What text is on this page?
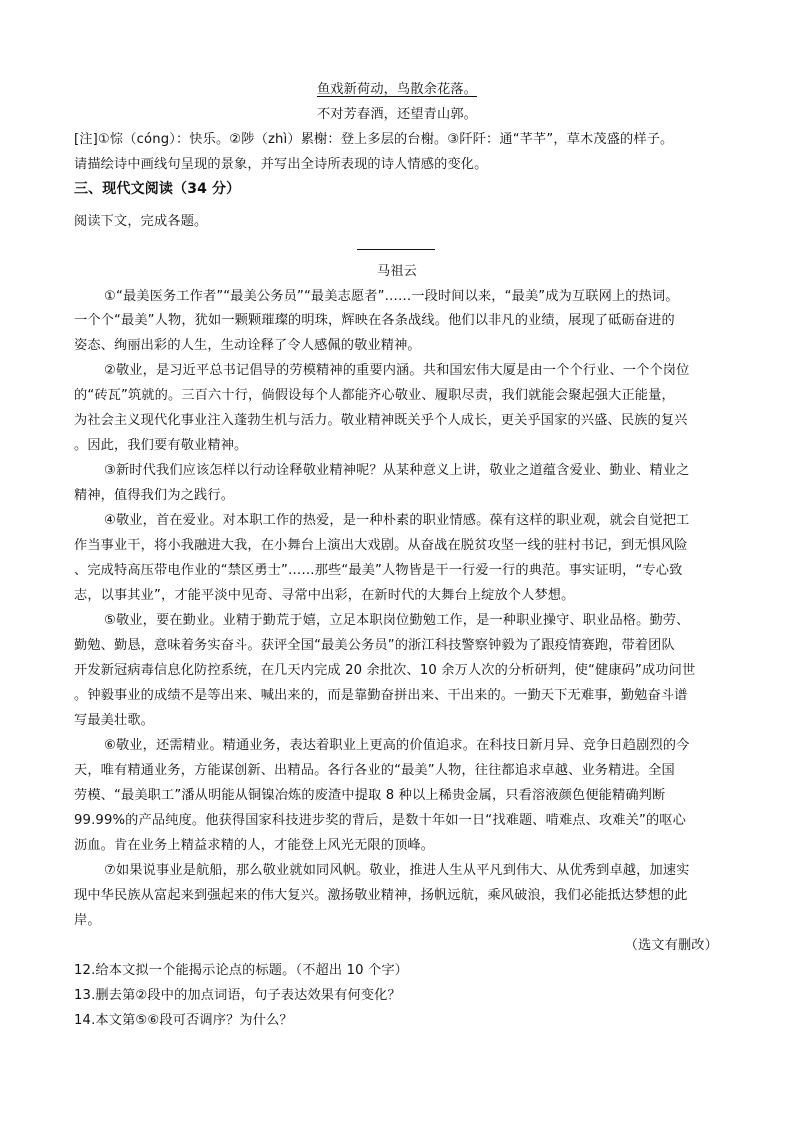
鱼戏新荷动，鸟散余花落。
不对芳春酒，还望青山郭。
[注]①悰（cóng）：快乐。②陟（zhì）累榭：登上多层的台榭。③阡阡：通“芊芊”，草木茂盛的样子。
请描绘诗中画线句呈现的景象，并写出全诗所表现的诗人情感的变化。
三、现代文阅读（34 分）
阅读下文，完成各题。
马祖云
①“最美医务工作者”“最美公务员”“最美志愿者”……一段时间以来，“最美”成为互联网上的热词。
一个个“最美”人物，犹如一颗颗璀璨的明珠，辉映在各条战线。他们以非凡的业绩，展现了砥砺奋进的
姿态、绚丽出彩的人生，生动诠释了令人感佩的敬业精神。
②敬业，是习近平总书记倡导的劳模精神的重要内涵。共和国宏伟大厦是由一个个行业、一个个岗位
的“砖瓦”筑就的。三百六十行，倘假设每个人都能齐心敬业、履职尽责，我们就能会聚起强大正能量，
为社会主义现代化事业注入蓬勃生机与活力。敬业精神既关乎个人成长，更关乎国家的兴盛、民族的复兴
。因此，我们要有敬业精神。
③新时代我们应该怎样以行动诠释敬业精神呢？从某种意义上讲，敬业之道蕴含爱业、勤业、精业之
精神，值得我们为之践行。
④敬业，首在爱业。对本职工作的热爱，是一种朴素的职业情感。葆有这样的职业观，就会自觉把工
作当事业干，将小我融进大我，在小舞台上演出大戏剧。从奋战在脱贫攻坚一线的驻村书记，到无惧风险
、完成特高压带电作业的“禁区勇士”……那些“最美”人物皆是干一行爱一行的典范。事实证明，“专心致
志，以事其业”，才能平淡中见奇、寻常中出彩，在新时代的大舞台上绽放个人梦想。
⑤敬业，要在勤业。业精于勤荒于嬉，立足本职岗位勤勉工作，是一种职业操守、职业品格。勤劳、
勤勉、勤恳，意味着务实奋斗。获评全国“最美公务员”的浙江科技警察钟毅为了跟疫情赛跑，带着团队
开发新冠病毒信息化防控系统，在几天内完成 20 余批次、10 余万人次的分析研判，使“健康码”成功问世
。钟毅事业的成绩不是等出来、喊出来的，而是靠勤奋拼出来、干出来的。一勤天下无难事，勤勉奋斗谱
写最美壮歌。
⑥敬业，还需精业。精通业务，表达着职业上更高的价值追求。在科技日新月异、竞争日趋剧烈的今
天，唯有精通业务，方能谋创新、出精品。各行各业的“最美”人物，往往都追求卓越、业务精进。全国
劳模、“最美职工”潘从明能从铜镍冶炼的废渣中提取 8 种以上稀贵金属，只看溶液颜色便能精确判断
99.99%的产品纯度。他获得国家科技进步奖的背后，是数十年如一日“找难题、啃难点、攻难关”的呕心
沥血。肯在业务上精益求精的人，才能登上风光无限的顶峰。
⑦如果说事业是航船，那么敬业就如同风帆。敬业，推进人生从平凡到伟大、从优秀到卓越，加速实
现中华民族从富起来到强起来的伟大复兴。激扬敬业精神，扬帆远航，乘风破浪，我们必能抵达梦想的此
岸。
（选文有删改）
12.给本文拟一个能揭示论点的标题。（不超出 10 个字）
13.删去第②段中的加点词语，句子表达效果有何变化？
14.本文第⑤⑥段可否调序？为什么？
